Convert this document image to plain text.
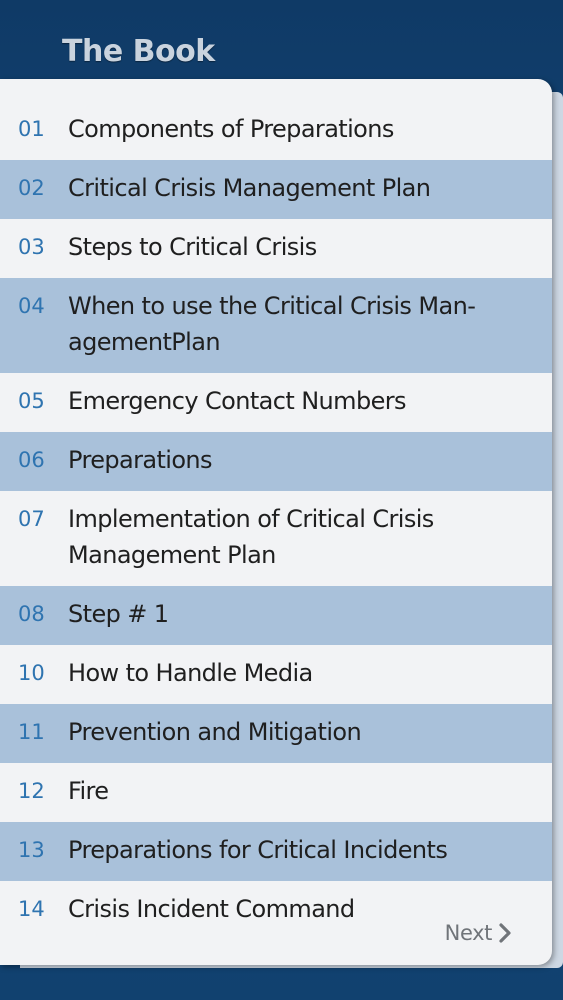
The Book
01 Components of Preparations
02 Critical Crisis Management Plan
03 Steps to Critical Crisis
04 When to use the Critical Crisis Man-agementPlan
05 Emergency Contact Numbers
06 Preparations
07 Implementation of Critical Crisis Management Plan
08 Step # 1
10 How to Handle Media
11 Prevention and Mitigation
12 Fire
13 Preparations for Critical Incidents
14 Crisis Incident Command
Next
